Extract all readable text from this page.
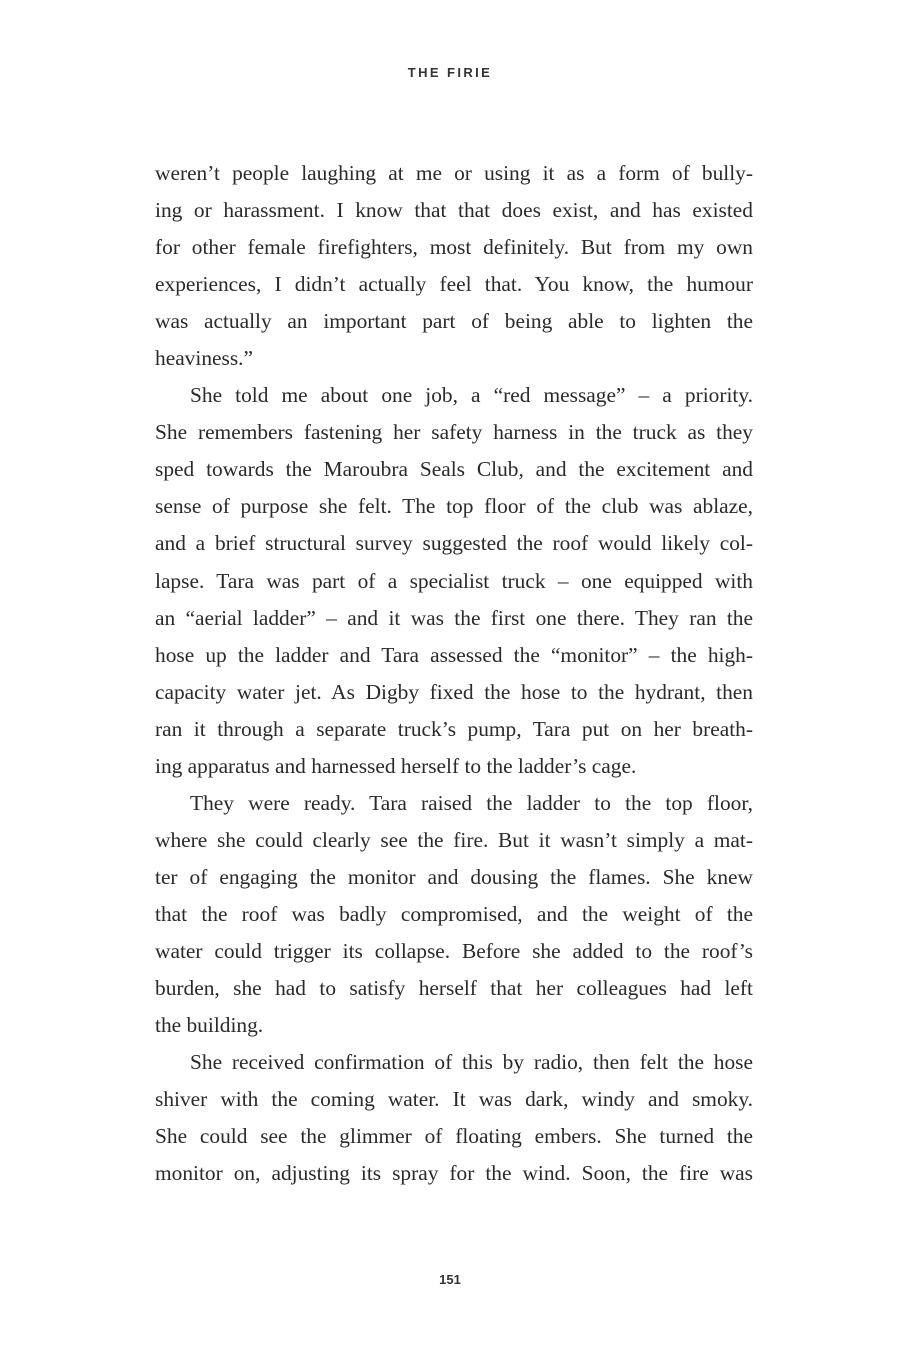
THE FIRIE

weren’t people laughing at me or using it as a form of bully-
ing or harassment. I know that that does exist, and has existed
for other female firefighters, most definitely. But from my own
experiences, I didn’t actually feel that. You know, the humour
was actually an important part of being able to lighten the
heaviness.”

She told me about one job, a “red message” – a priority.
She remembers fastening her safety harness in the truck as they
sped towards the Maroubra Seals Club, and the excitement and
sense of purpose she felt. The top floor of the club was ablaze,
and a brief structural survey suggested the roof would likely col-
lapse. Tara was part of a specialist truck – one equipped with
an “aerial ladder” – and it was the first one there. They ran the
hose up the ladder and Tara assessed the “monitor” – the high-
capacity water jet. As Digby fixed the hose to the hydrant, then
ran it through a separate truck’s pump, Tara put on her breath-
ing apparatus and harnessed herself to the ladder’s cage.

They were ready. Tara raised the ladder to the top floor,
where she could clearly see the fire. But it wasn’t simply a mat-
ter of engaging the monitor and dousing the flames. She knew
that the roof was badly compromised, and the weight of the
water could trigger its collapse. Before she added to the roof’s
burden, she had to satisfy herself that her colleagues had left
the building.

She received confirmation of this by radio, then felt the hose
shiver with the coming water. It was dark, windy and smoky.
She could see the glimmer of floating embers. She turned the
monitor on, adjusting its spray for the wind. Soon, the fire was

151
